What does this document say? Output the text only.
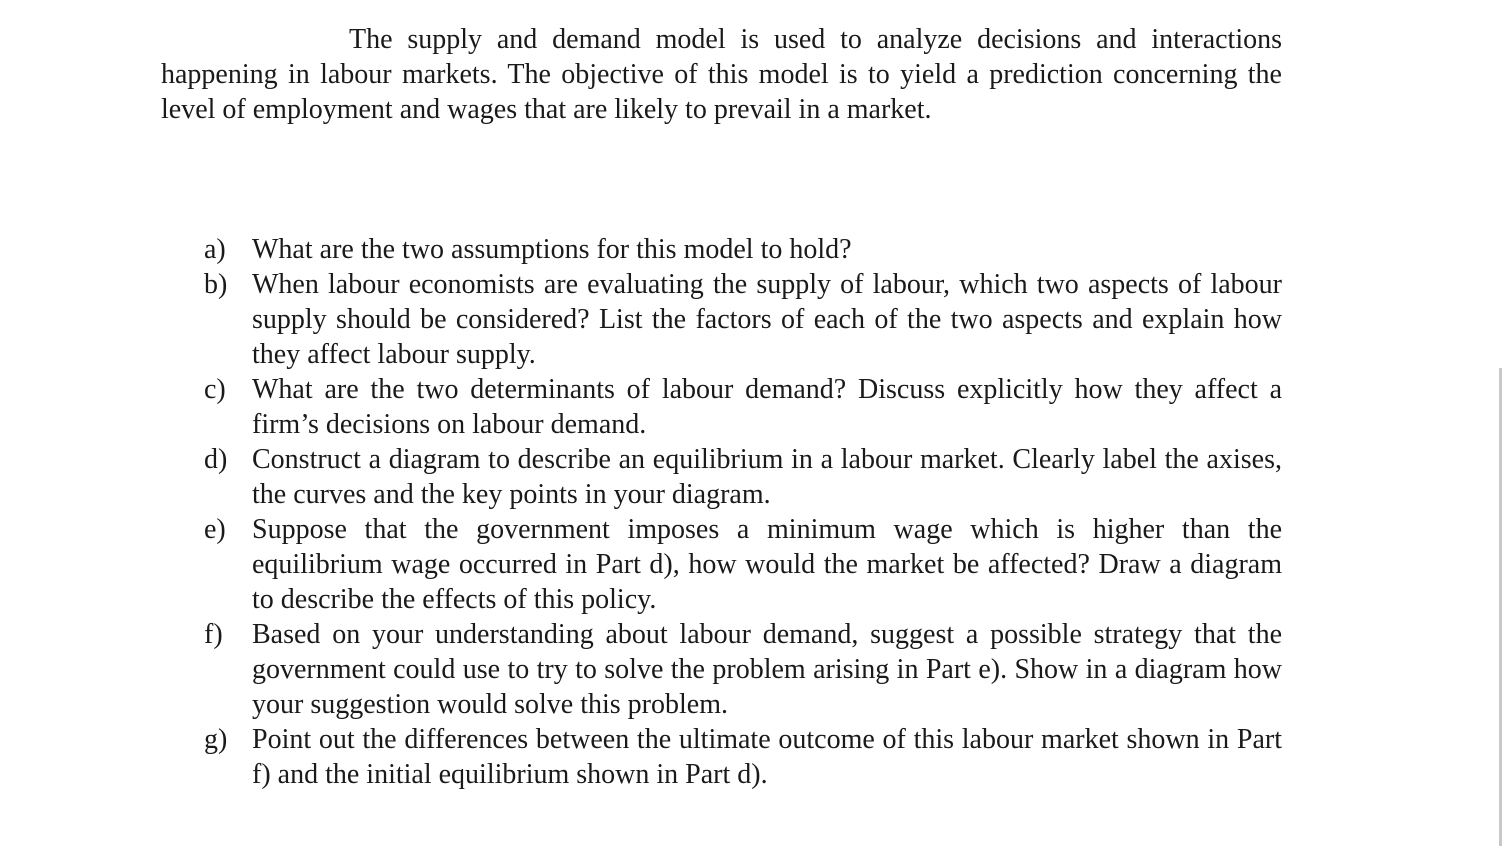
The supply and demand model is used to analyze decisions and interactions happening in labour markets. The objective of this model is to yield a prediction concerning the level of employment and wages that are likely to prevail in a market.

a) What are the two assumptions for this model to hold?
b) When labour economists are evaluating the supply of labour, which two aspects of labour supply should be considered? List the factors of each of the two aspects and explain how they affect labour supply.
c) What are the two determinants of labour demand? Discuss explicitly how they affect a firm’s decisions on labour demand.
d) Construct a diagram to describe an equilibrium in a labour market. Clearly label the axises, the curves and the key points in your diagram.
e) Suppose that the government imposes a minimum wage which is higher than the equilibrium wage occurred in Part d), how would the market be affected? Draw a diagram to describe the effects of this policy.
f) Based on your understanding about labour demand, suggest a possible strategy that the government could use to try to solve the problem arising in Part e). Show in a diagram how your suggestion would solve this problem.
g) Point out the differences between the ultimate outcome of this labour market shown in Part f) and the initial equilibrium shown in Part d).
